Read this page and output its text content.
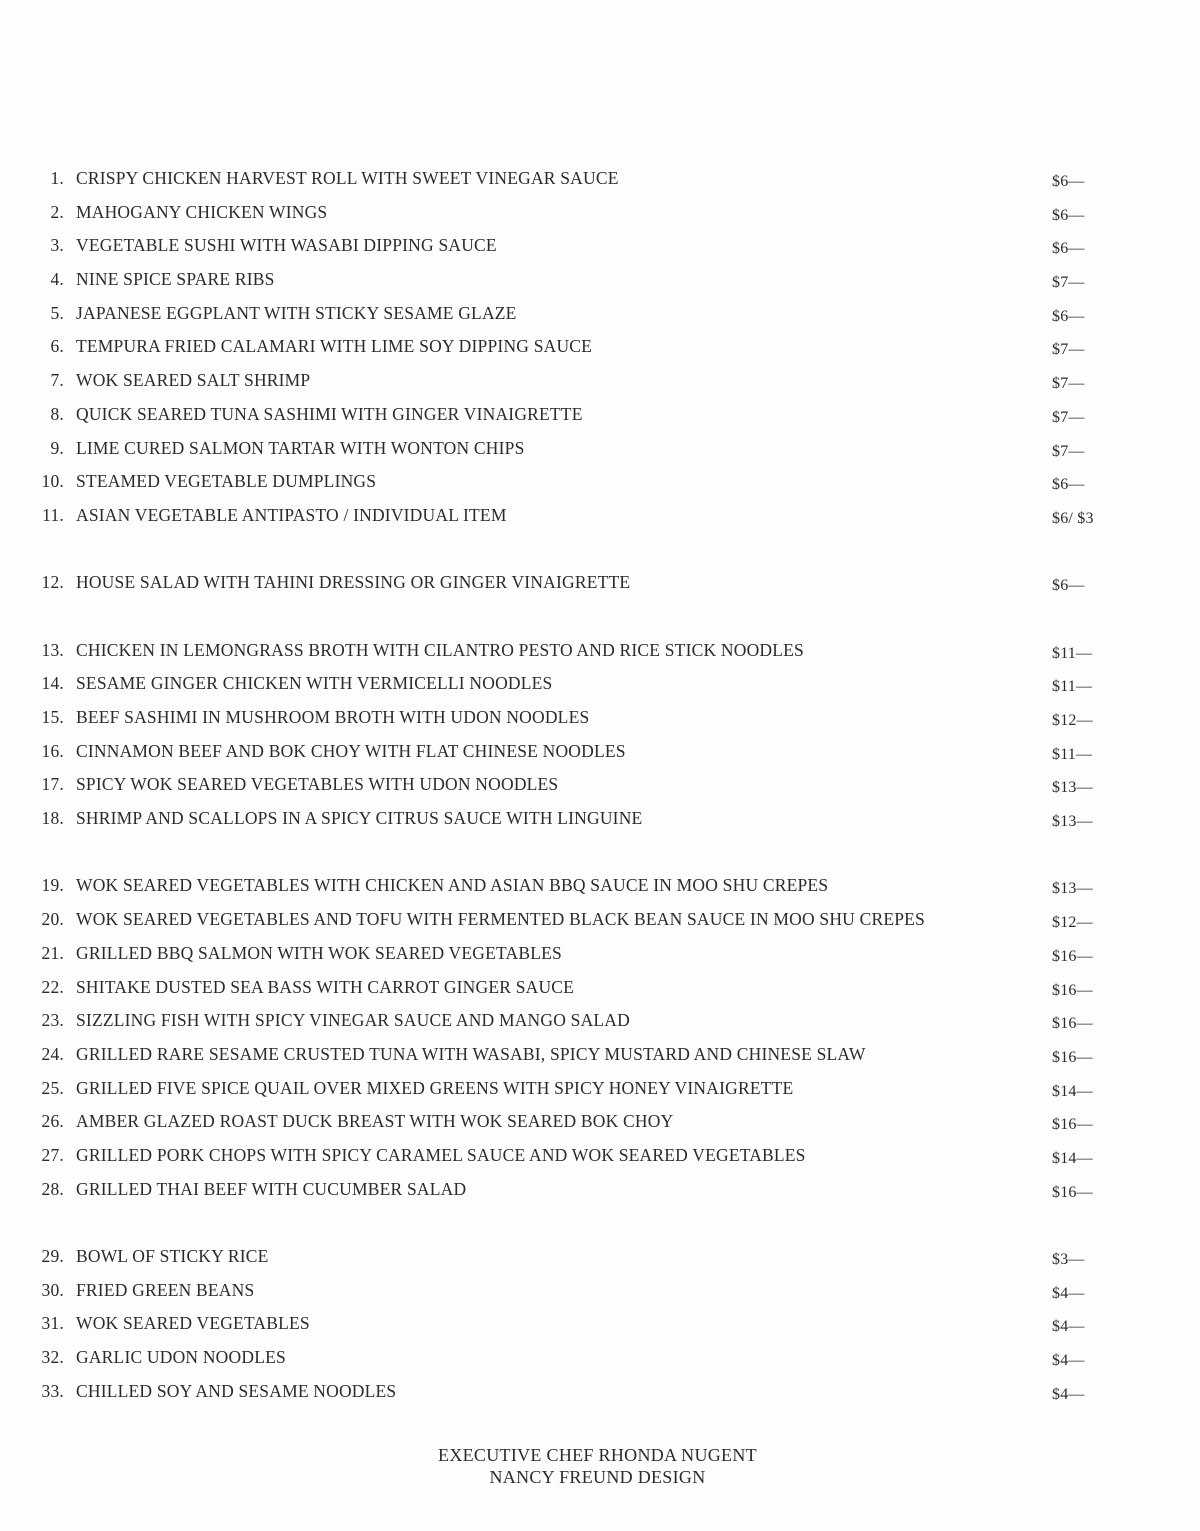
1. CRISPY CHICKEN HARVEST ROLL WITH SWEET VINEGAR SAUCE	$6—
2. MAHOGANY CHICKEN WINGS	$6—
3. VEGETABLE SUSHI WITH WASABI DIPPING SAUCE	$6—
4. NINE SPICE SPARE RIBS	$7—
5. JAPANESE EGGPLANT WITH STICKY SESAME GLAZE	$6—
6. TEMPURA FRIED CALAMARI WITH LIME SOY DIPPING SAUCE	$7—
7. WOK SEARED SALT SHRIMP	$7—
8. QUICK SEARED TUNA SASHIMI WITH GINGER VINAIGRETTE	$7—
9. LIME CURED SALMON TARTAR WITH WONTON CHIPS	$7—
10. STEAMED VEGETABLE DUMPLINGS	$6—
11. ASIAN VEGETABLE ANTIPASTO / INDIVIDUAL ITEM	$6/ $3
12. HOUSE SALAD WITH TAHINI DRESSING OR GINGER VINAIGRETTE	$6—
13. CHICKEN IN LEMONGRASS BROTH WITH CILANTRO PESTO AND RICE STICK NOODLES	$11—
14. SESAME GINGER CHICKEN WITH VERMICELLI NOODLES	$11—
15. BEEF SASHIMI IN MUSHROOM BROTH WITH UDON NOODLES	$12—
16. CINNAMON BEEF AND BOK CHOY WITH FLAT CHINESE NOODLES	$11—
17. SPICY WOK SEARED VEGETABLES WITH UDON NOODLES	$13—
18. SHRIMP AND SCALLOPS IN A SPICY CITRUS SAUCE WITH LINGUINE	$13—
19. WOK SEARED VEGETABLES WITH CHICKEN AND ASIAN BBQ SAUCE IN MOO SHU CREPES	$13—
20. WOK SEARED VEGETABLES AND TOFU WITH FERMENTED BLACK BEAN SAUCE IN MOO SHU CREPES	$12—
21. GRILLED BBQ SALMON WITH WOK SEARED VEGETABLES	$16—
22. SHITAKE DUSTED SEA BASS WITH CARROT GINGER SAUCE	$16—
23. SIZZLING FISH WITH SPICY VINEGAR SAUCE AND MANGO SALAD	$16—
24. GRILLED RARE SESAME CRUSTED TUNA WITH WASABI, SPICY MUSTARD AND CHINESE SLAW	$16—
25. GRILLED FIVE SPICE QUAIL OVER MIXED GREENS WITH SPICY HONEY VINAIGRETTE	$14—
26. AMBER GLAZED ROAST DUCK BREAST WITH WOK SEARED BOK CHOY	$16—
27. GRILLED PORK CHOPS WITH SPICY CARAMEL SAUCE AND WOK SEARED VEGETABLES	$14—
28. GRILLED THAI BEEF WITH CUCUMBER SALAD	$16—
29. BOWL OF STICKY RICE	$3—
30. FRIED GREEN BEANS	$4—
31. WOK SEARED VEGETABLES	$4—
32. GARLIC UDON NOODLES	$4—
33. CHILLED SOY AND SESAME NOODLES	$4—
EXECUTIVE CHEF RHONDA NUGENT
NANCY FREUND DESIGN
